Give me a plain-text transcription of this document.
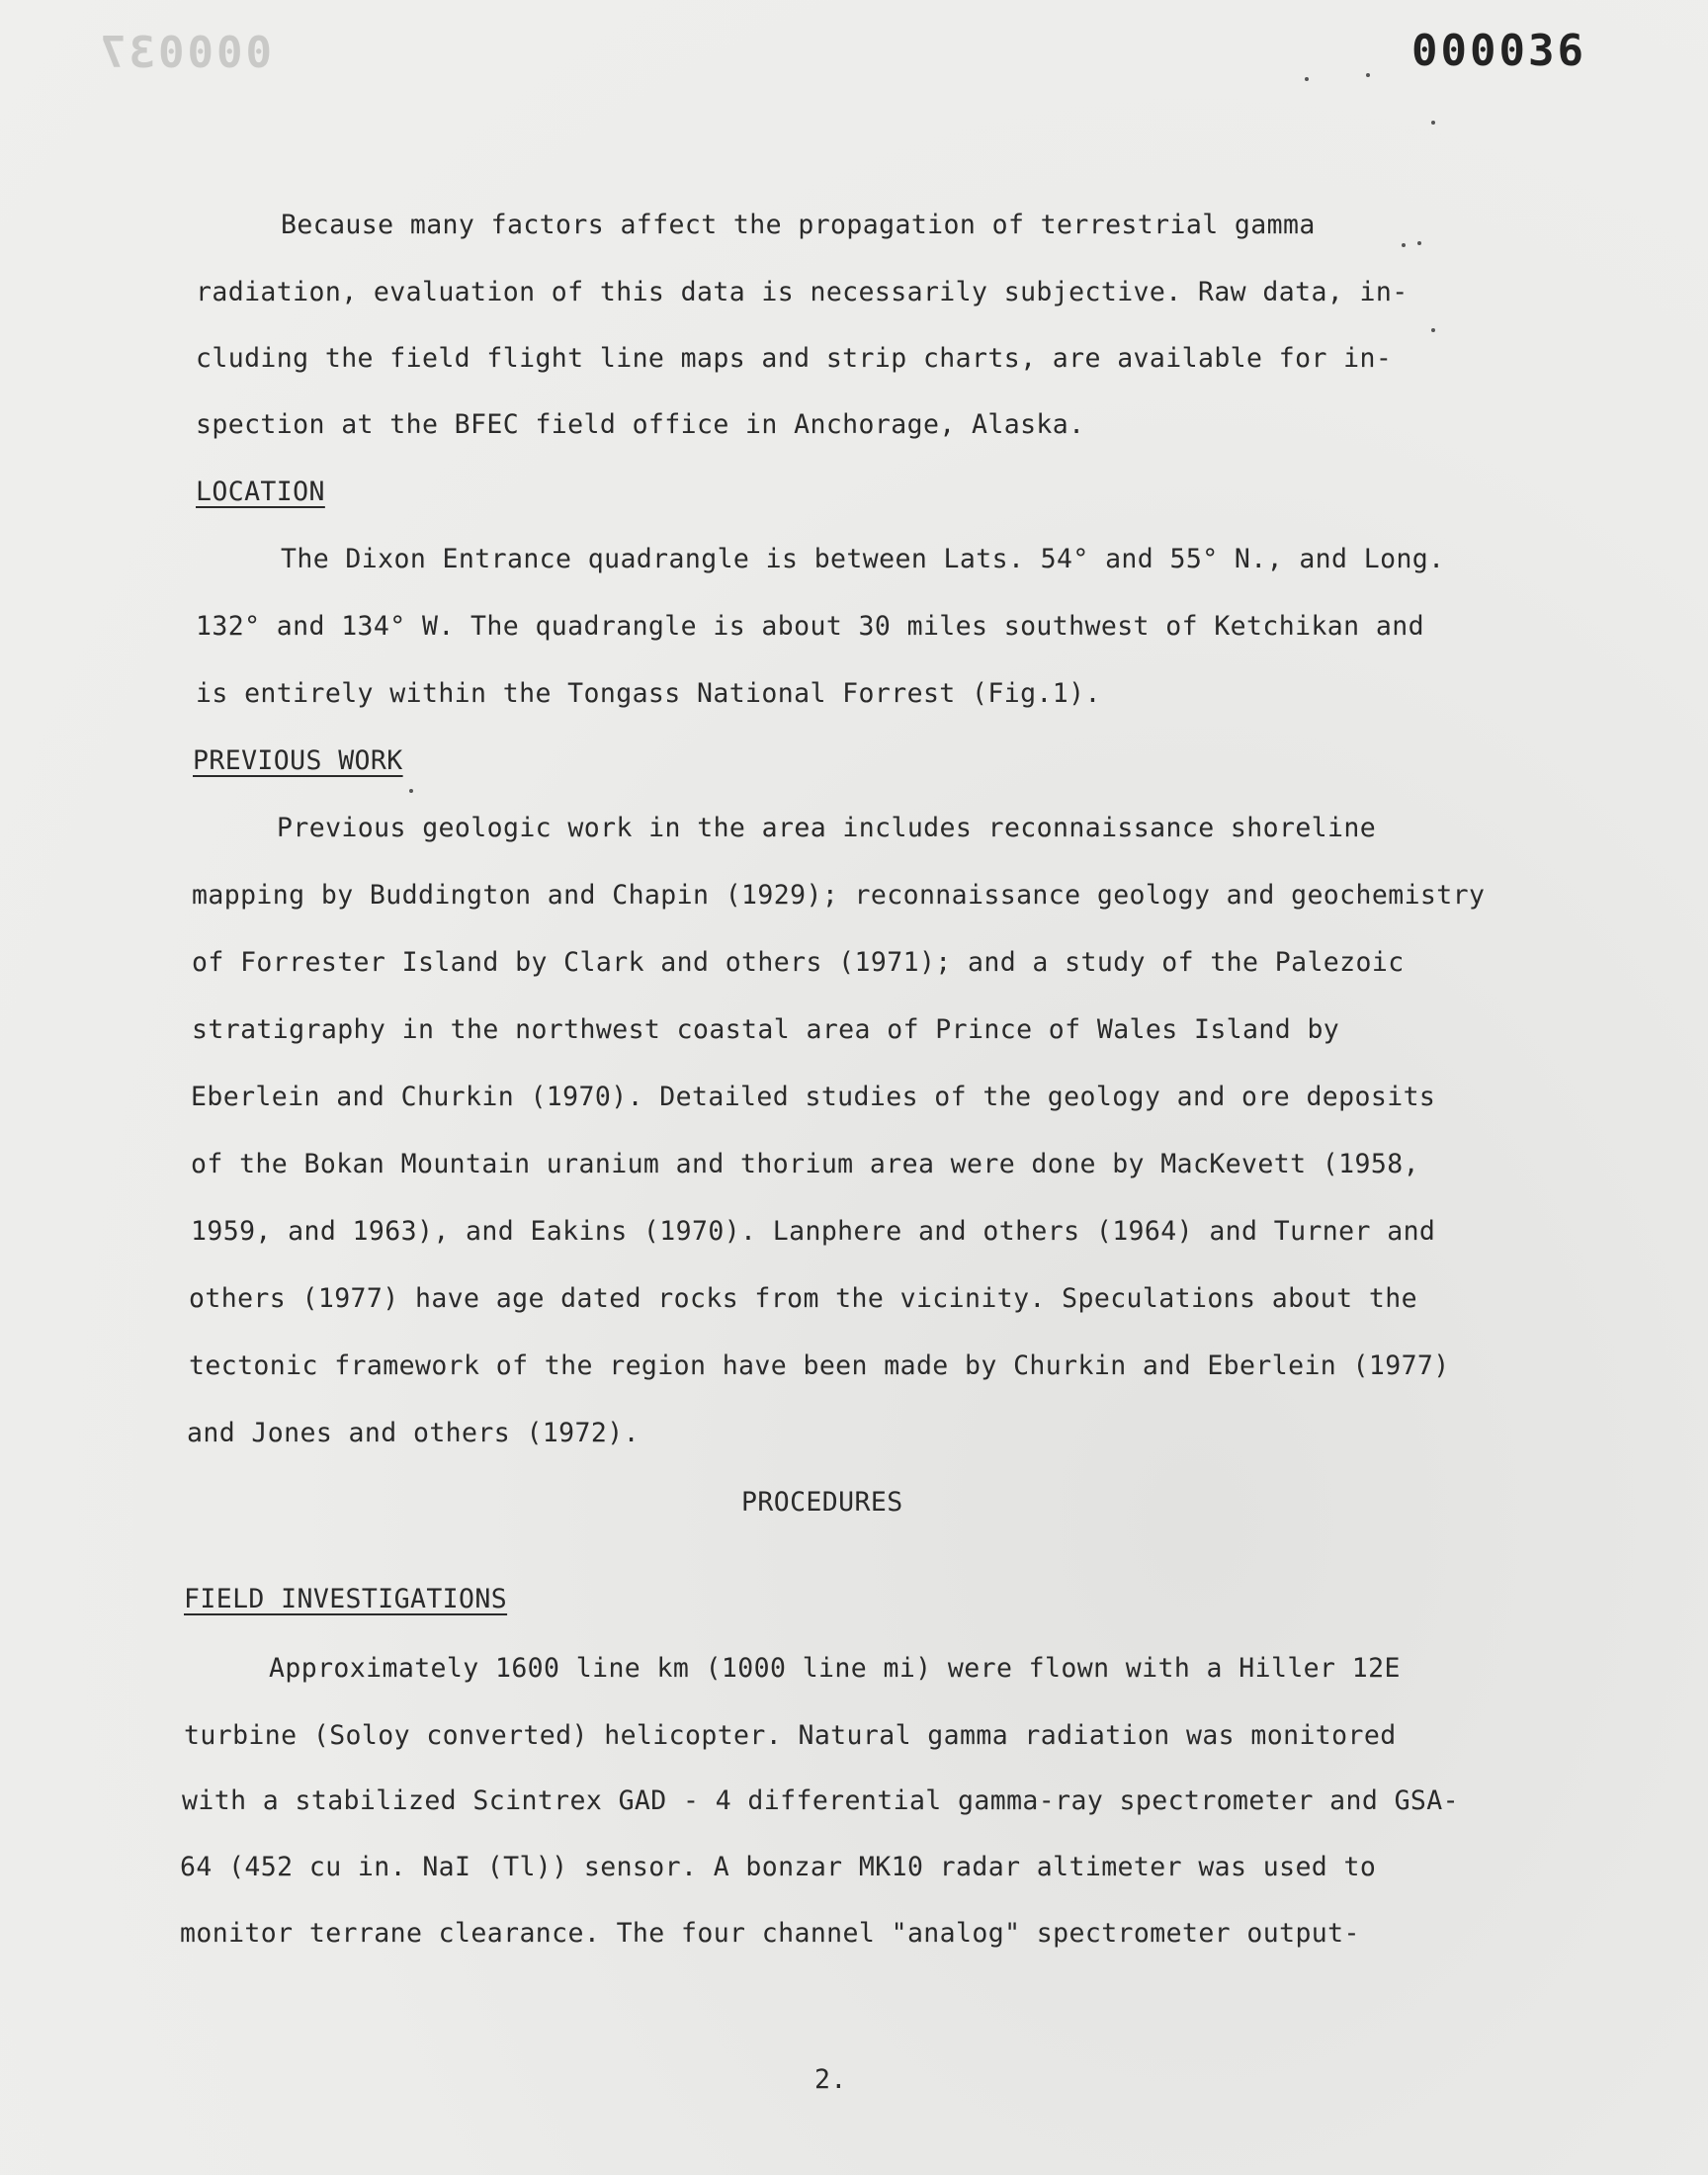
000037	000036

Because many factors affect the propagation of terrestrial gamma

radiation, evaluation of this data is necessarily subjective. Raw data, in-

cluding the field flight line maps and strip charts, are available for in-

spection at the BFEC field office in Anchorage, Alaska.

LOCATION

The Dixon Entrance quadrangle is between Lats. 54° and 55° N., and Long.

132° and 134° W. The quadrangle is about 30 miles southwest of Ketchikan and

is entirely within the Tongass National Forrest (Fig.1).

PREVIOUS WORK

Previous geologic work in the area includes reconnaissance shoreline

mapping by Buddington and Chapin (1929); reconnaissance geology and geochemistry

of Forrester Island by Clark and others (1971); and a study of the Palezoic

stratigraphy in the northwest coastal area of Prince of Wales Island by

Eberlein and Churkin (1970). Detailed studies of the geology and ore deposits

of the Bokan Mountain uranium and thorium area were done by MacKevett (1958,

1959, and 1963), and Eakins (1970). Lanphere and others (1964) and Turner and

others (1977) have age dated rocks from the vicinity. Speculations about the

tectonic framework of the region have been made by Churkin and Eberlein (1977)

and Jones and others (1972).

PROCEDURES

FIELD INVESTIGATIONS

Approximately 1600 line km (1000 line mi) were flown with a Hiller 12E

turbine (Soloy converted) helicopter. Natural gamma radiation was monitored

with a stabilized Scintrex GAD - 4 differential gamma-ray spectrometer and GSA-

64 (452 cu in. NaI (Tl)) sensor. A bonzar MK10 radar altimeter was used to

monitor terrane clearance. The four channel "analog" spectrometer output-

2.
